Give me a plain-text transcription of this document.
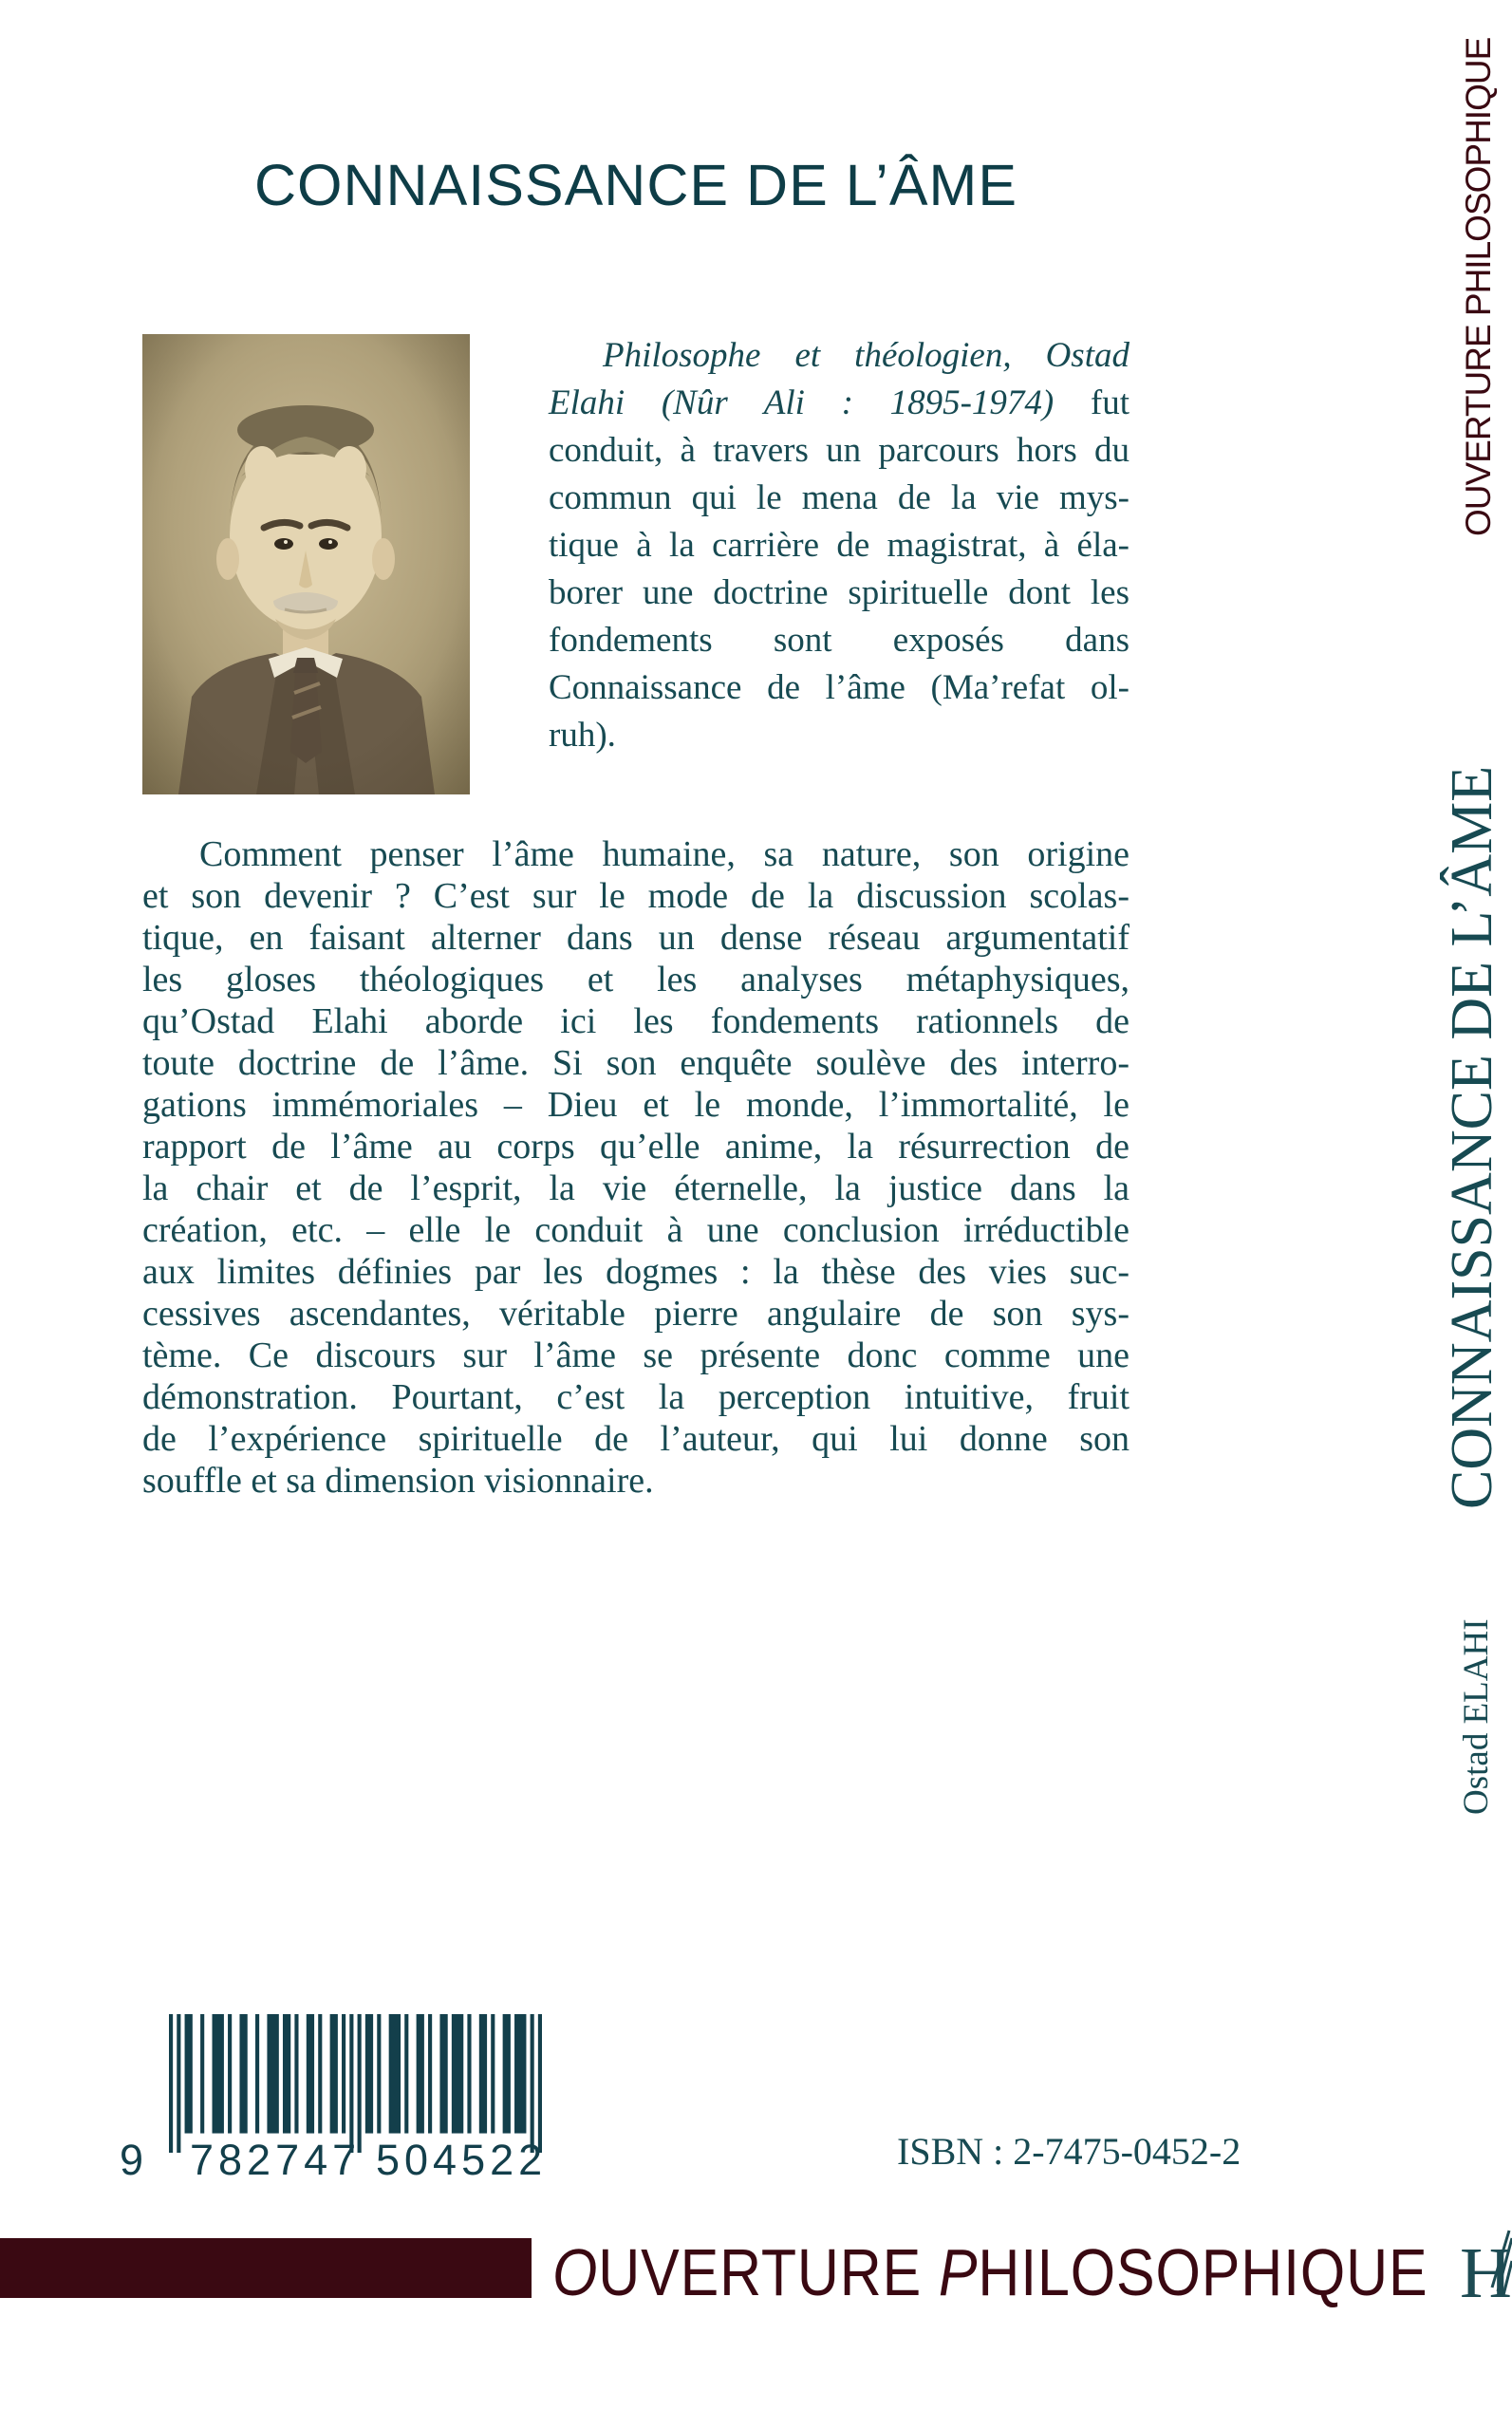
CONNAISSANCE DE L’ÂME
Philosophe et théologien, Ostad
Elahi (Nûr Ali : 1895-1974) fut
conduit, à travers un parcours hors du
commun qui le mena de la vie mys-
tique à la carrière de magistrat, à éla-
borer une doctrine spirituelle dont les
fondements sont exposés dans
Connaissance de l’âme (Ma’refat ol-
ruh).
Comment penser l’âme humaine, sa nature, son origine
et son devenir ? C’est sur le mode de la discussion scolas-
tique, en faisant alterner dans un dense réseau argumentatif
les gloses théologiques et les analyses métaphysiques,
qu’Ostad Elahi aborde ici les fondements rationnels de
toute doctrine de l’âme. Si son enquête soulève des interro-
gations immémoriales – Dieu et le monde, l’immortalité, le
rapport de l’âme au corps qu’elle anime, la résurrection de
la chair et de l’esprit, la vie éternelle, la justice dans la
création, etc. – elle le conduit à une conclusion irréductible
aux limites définies par les dogmes : la thèse des vies suc-
cessives ascendantes, véritable pierre angulaire de son sys-
tème. Ce discours sur l’âme se présente donc comme une
démonstration. Pourtant, c’est la perception intuitive, fruit
de l’expérience spirituelle de l’auteur, qui lui donne son
souffle et sa dimension visionnaire.
9 782747 504522	ISBN : 2-7475-0452-2
OUVERTURE PHILOSOPHIQUE H
OUVERTURE PHILOSOPHIQUE
CONNAISSANCE DE L’ÂME
Ostad ELAHI
